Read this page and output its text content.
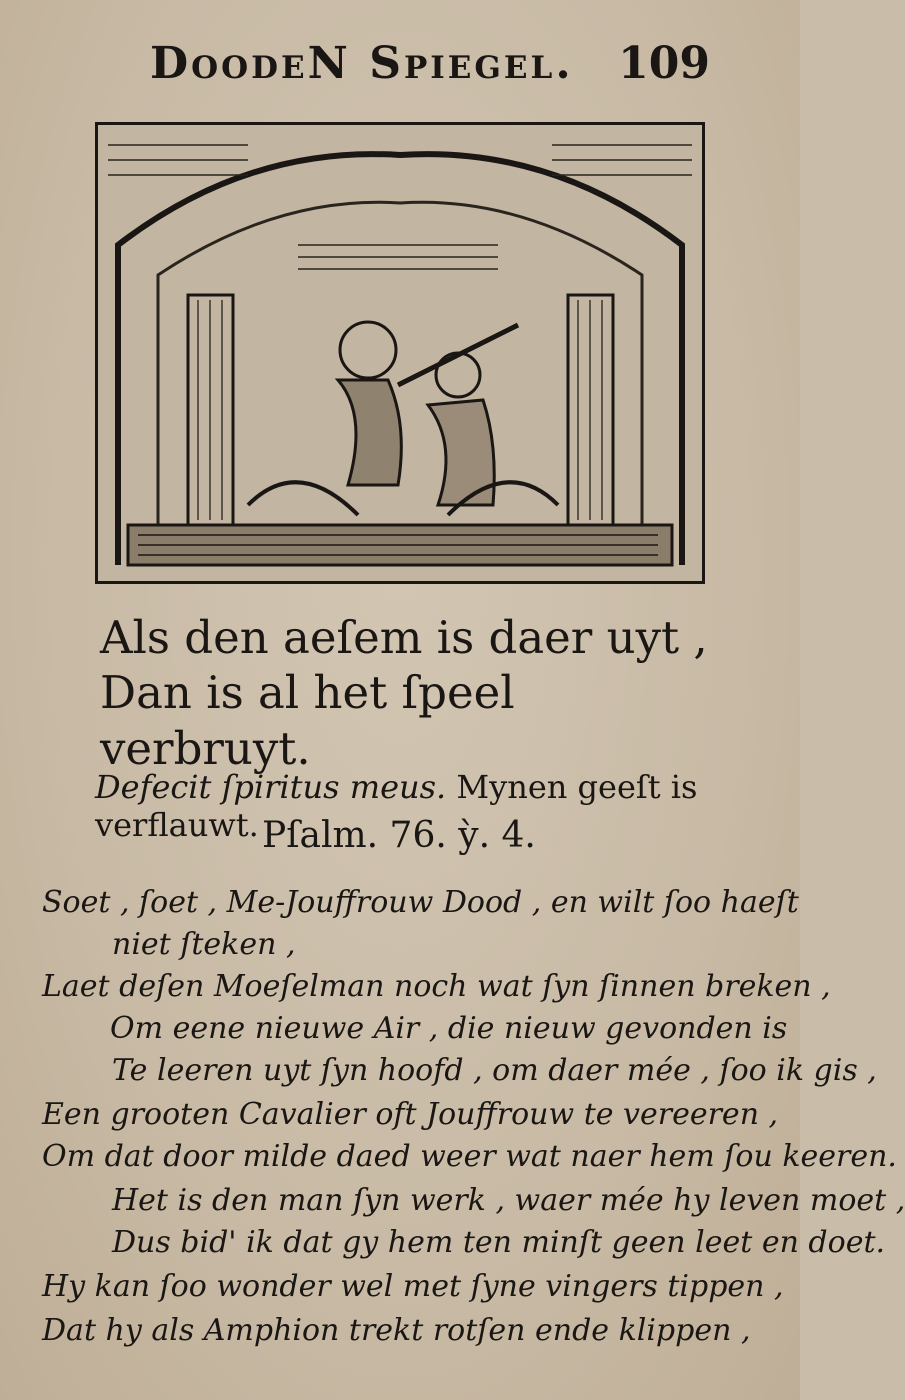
DoodeN Spiegel. 109
Als den aeſem is daer uyt ,
Dan is al het ſpeel verbruyt.
Defecit ſpiritus meus. Mynen geeſt is verflauwt. Pſalm. 76. ỳ. 4.
Soet , ſoet , Me-Jouffrouw Dood , en wilt ſoo haeſt
niet ſteken ,
Laet deſen Moeſelman noch wat ſyn ſinnen breken ,
Om eene nieuwe Air , die nieuw gevonden is
Te leeren uyt ſyn hoofd , om daer mée , ſoo ik gis ,
Een grooten Cavalier oft Jouffrouw te vereeren ,
Om dat door milde daed weer wat naer hem ſou keeren.
Het is den man ſyn werk , waer mée hy leven moet ,
Dus bid' ik dat gy hem ten minſt geen leet en doet.
Hy kan ſoo wonder wel met ſyne vingers tippen ,
Dat hy als Amphion trekt rotſen ende klippen ,
